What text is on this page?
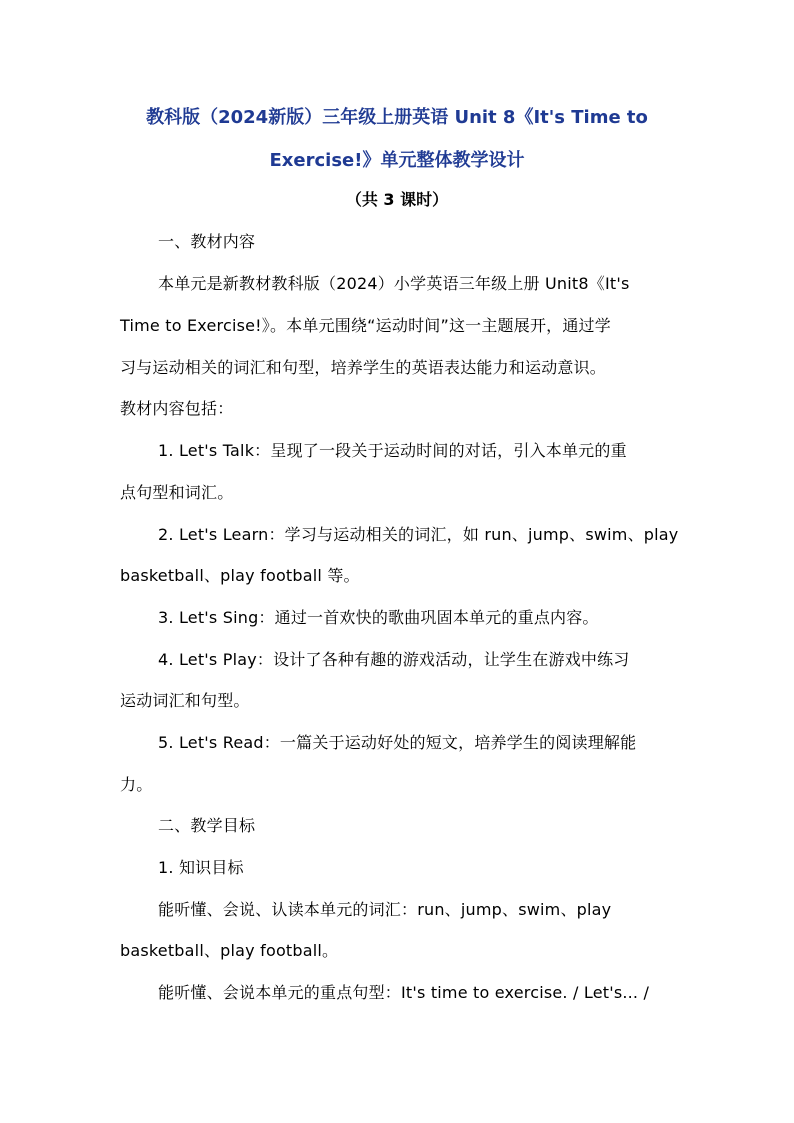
教科版（2024新版）三年级上册英语 Unit 8《It's Time to
Exercise!》单元整体教学设计
（共 3 课时）
一、教材内容
本单元是新教材教科版（2024）小学英语三年级上册 Unit8《It's
Time to Exercise!》。本单元围绕“运动时间”这一主题展开，通过学
习与运动相关的词汇和句型，培养学生的英语表达能力和运动意识。
教材内容包括：
1. Let's Talk：呈现了一段关于运动时间的对话，引入本单元的重
点句型和词汇。
2. Let's Learn：学习与运动相关的词汇，如 run、jump、swim、play
basketball、play football 等。
3. Let's Sing：通过一首欢快的歌曲巩固本单元的重点内容。
4. Let's Play：设计了各种有趣的游戏活动，让学生在游戏中练习
运动词汇和句型。
5. Let's Read：一篇关于运动好处的短文，培养学生的阅读理解能
力。
二、教学目标
1. 知识目标
能听懂、会说、认读本单元的词汇：run、jump、swim、play
basketball、play football。
能听懂、会说本单元的重点句型：It's time to exercise. / Let's... /
